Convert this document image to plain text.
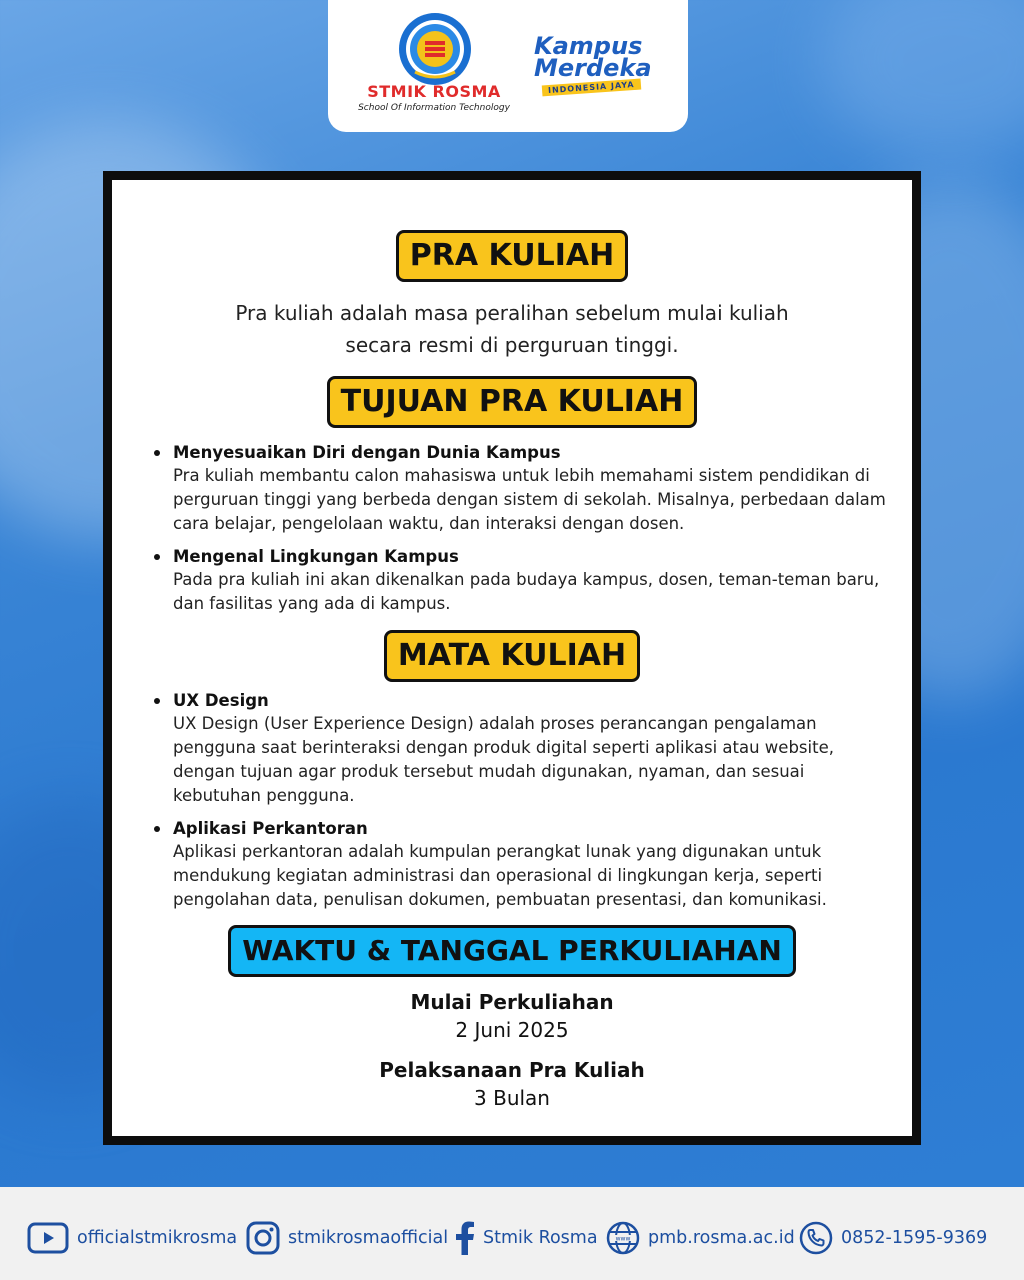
STMIK ROSMA
School Of Information Technology
Kampus
Merdeka
INDONESIA JAYA
PRA KULIAH
Pra kuliah adalah masa peralihan sebelum mulai kuliah
secara resmi di perguruan tinggi.
TUJUAN PRA KULIAH
Menyesuaikan Diri dengan Dunia Kampus
Pra kuliah membantu calon mahasiswa untuk lebih memahami sistem pendidikan di perguruan tinggi yang berbeda dengan sistem di sekolah. Misalnya, perbedaan dalam cara belajar, pengelolaan waktu, dan interaksi dengan dosen.
Mengenal Lingkungan Kampus
Pada pra kuliah ini akan dikenalkan pada budaya kampus, dosen, teman-teman baru, dan fasilitas yang ada di kampus.
MATA KULIAH
UX Design
UX Design (User Experience Design) adalah proses perancangan pengalaman pengguna saat berinteraksi dengan produk digital seperti aplikasi atau website, dengan tujuan agar produk tersebut mudah digunakan, nyaman, dan sesuai kebutuhan pengguna.
Aplikasi Perkantoran
Aplikasi perkantoran adalah kumpulan perangkat lunak yang digunakan untuk mendukung kegiatan administrasi dan operasional di lingkungan kerja, seperti pengolahan data, penulisan dokumen, pembuatan presentasi, dan komunikasi.
WAKTU & TANGGAL PERKULIAHAN
Mulai Perkuliahan
2 Juni 2025
Pelaksanaan Pra Kuliah
3 Bulan
officialstmikrosma	stmikrosmaofficial Stmik Rosma	www pmb.rosma.ac.id	0852-1595-9369
